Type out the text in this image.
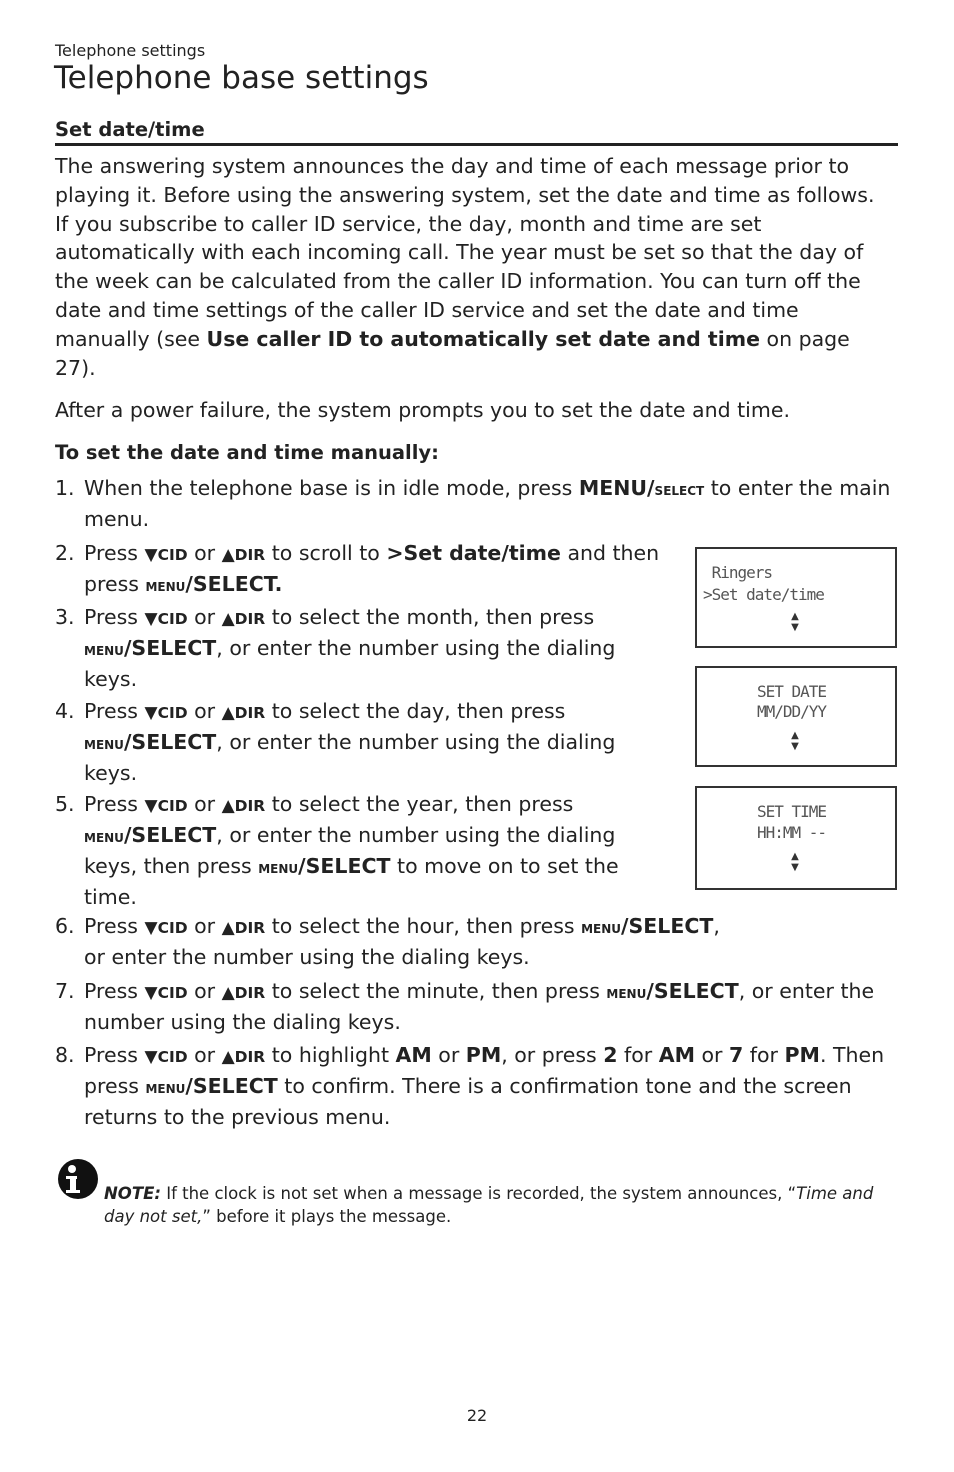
Telephone settings
Telephone base settings
Set date/time

The answering system announces the day and time of each message prior to playing it. Before using the answering system, set the date and time as follows. If you subscribe to caller ID service, the day, month and time are set automatically with each incoming call. The year must be set so that the day of the week can be calculated from the caller ID information. You can turn off the date and time settings of the caller ID service and set the date and time manually (see Use caller ID to automatically set date and time on page 27).

After a power failure, the system prompts you to set the date and time.

To set the date and time manually:

1. When the telephone base is in idle mode, press MENU/select to enter the main menu.
2. Press ▼CID or ▲DIR to scroll to >Set date/time and then press menu/SELECT.
3. Press ▼CID or ▲DIR to select the month, then press menu/SELECT, or enter the number using the dialing keys.
4. Press ▼CID or ▲DIR to select the day, then press menu/SELECT, or enter the number using the dialing keys.
5. Press ▼CID or ▲DIR to select the year, then press menu/SELECT, or enter the number using the dialing keys, then press menu/SELECT to move on to set the time.
6. Press ▼CID or ▲DIR to select the hour, then press menu/SELECT, or enter the number using the dialing keys.
7. Press ▼CID or ▲DIR to select the minute, then press menu/SELECT, or enter the number using the dialing keys.
8. Press ▼CID or ▲DIR to highlight AM or PM, or press 2 for AM or 7 for PM. Then press menu/SELECT to confirm. There is a confirmation tone and the screen returns to the previous menu.
Ringers
>Set date/time
▲
▼
SET DATE
MM/DD/YY
▲
▼
SET TIME
HH:MM --
▲
▼
NOTE: If the clock is not set when a message is recorded, the system announces, “Time and day not set,” before it plays the message.
22
